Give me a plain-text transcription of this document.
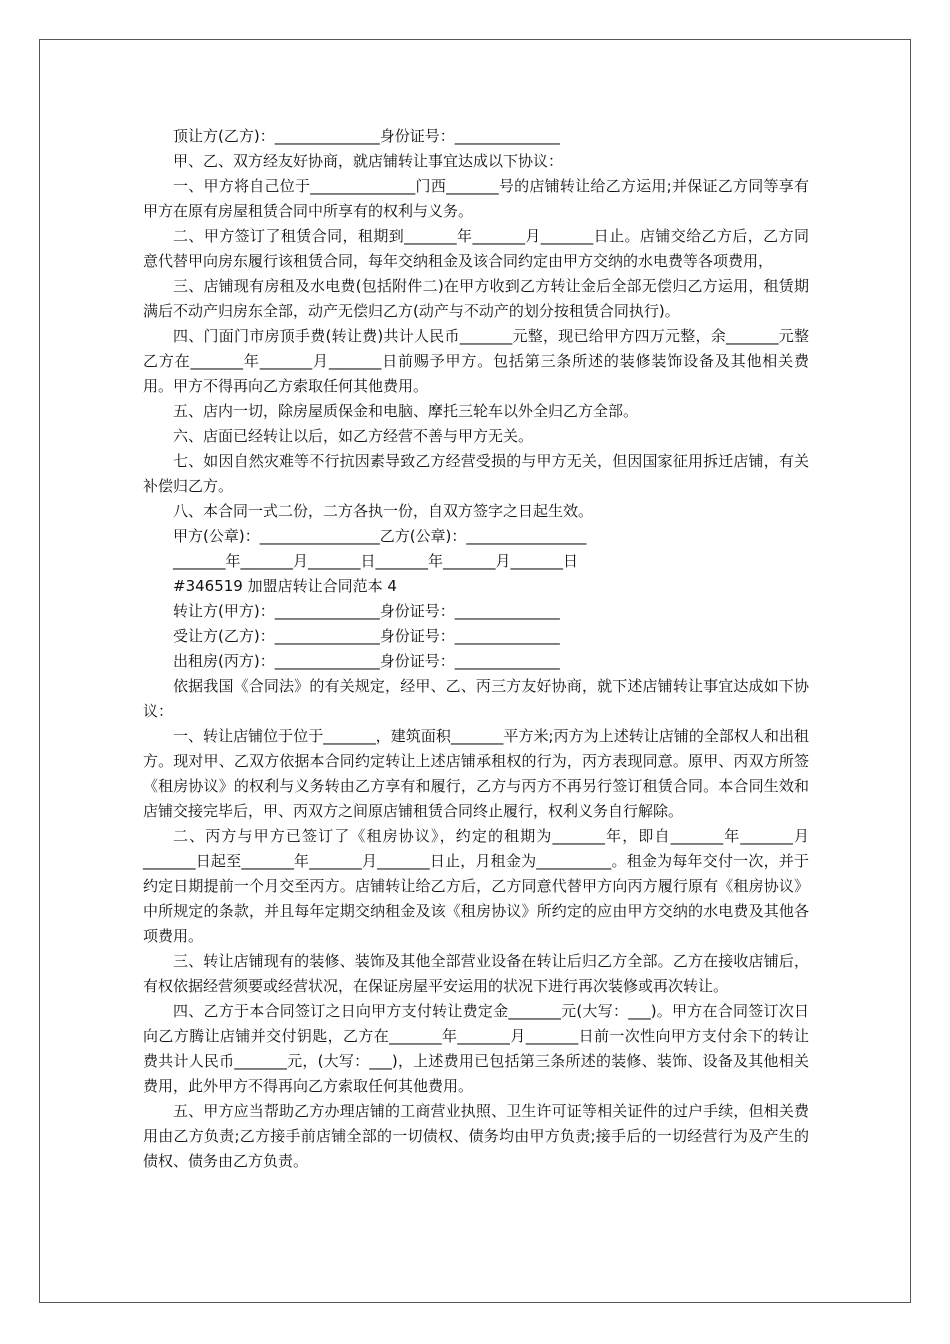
顶让方(乙方)：______________身份证号：______________

甲、乙、双方经友好协商，就店铺转让事宜达成以下协议：

一、甲方将自己位于______________门西_______号的店铺转让给乙方运用;并保证乙方同等享有甲方在原有房屋租赁合同中所享有的权利与义务。

二、甲方签订了租赁合同，租期到_______年_______月_______日止。店铺交给乙方后，乙方同意代替甲向房东履行该租赁合同，每年交纳租金及该合同约定由甲方交纳的水电费等各项费用，

三、店铺现有房租及水电费(包括附件二)在甲方收到乙方转让金后全部无偿归乙方运用，租赁期满后不动产归房东全部，动产无偿归乙方(动产与不动产的划分按租赁合同执行)。

四、门面门市房顶手费(转让费)共计人民币_______元整，现已给甲方四万元整，余_______元整乙方在_______年_______月_______日前赐予甲方。包括第三条所述的装修装饰设备及其他相关费用。甲方不得再向乙方索取任何其他费用。

五、店内一切，除房屋质保金和电脑、摩托三轮车以外全归乙方全部。

六、店面已经转让以后，如乙方经营不善与甲方无关。

七、如因自然灾难等不行抗因素导致乙方经营受损的与甲方无关，但因国家征用拆迁店铺，有关补偿归乙方。

八、本合同一式二份，二方各执一份，自双方签字之日起生效。

甲方(公章)：________________乙方(公章)：________________

_______年_______月_______日_______年_______月_______日

#346519 加盟店转让合同范本 4

转让方(甲方)：______________身份证号：______________

受让方(乙方)：______________身份证号：______________

出租房(丙方)：______________身份证号：______________

依据我国《合同法》的有关规定，经甲、乙、丙三方友好协商，就下述店铺转让事宜达成如下协议：

一、转让店铺位于位于_______，建筑面积_______平方米;丙方为上述转让店铺的全部权人和出租方。现对甲、乙双方依据本合同约定转让上述店铺承租权的行为，丙方表现同意。原甲、丙双方所签《租房协议》的权利与义务转由乙方享有和履行，乙方与丙方不再另行签订租赁合同。本合同生效和店铺交接完毕后，甲、丙双方之间原店铺租赁合同终止履行，权利义务自行解除。

二、丙方与甲方已签订了《租房协议》，约定的租期为_______年，即自_______年_______月_______日起至_______年_______月_______日止，月租金为__________。租金为每年交付一次，并于约定日期提前一个月交至丙方。店铺转让给乙方后，乙方同意代替甲方向丙方履行原有《租房协议》中所规定的条款，并且每年定期交纳租金及该《租房协议》所约定的应由甲方交纳的水电费及其他各项费用。

三、转让店铺现有的装修、装饰及其他全部营业设备在转让后归乙方全部。乙方在接收店铺后，有权依据经营须要或经营状况，在保证房屋平安运用的状况下进行再次装修或再次转让。

四、乙方于本合同签订之日向甲方支付转让费定金_______元(大写：___)。甲方在合同签订次日向乙方腾让店铺并交付钥匙，乙方在_______年_______月_______日前一次性向甲方支付余下的转让费共计人民币_______元，(大写：___)，上述费用已包括第三条所述的装修、装饰、设备及其他相关费用，此外甲方不得再向乙方索取任何其他费用。

五、甲方应当帮助乙方办理店铺的工商营业执照、卫生许可证等相关证件的过户手续，但相关费用由乙方负责;乙方接手前店铺全部的一切债权、债务均由甲方负责;接手后的一切经营行为及产生的债权、债务由乙方负责。
